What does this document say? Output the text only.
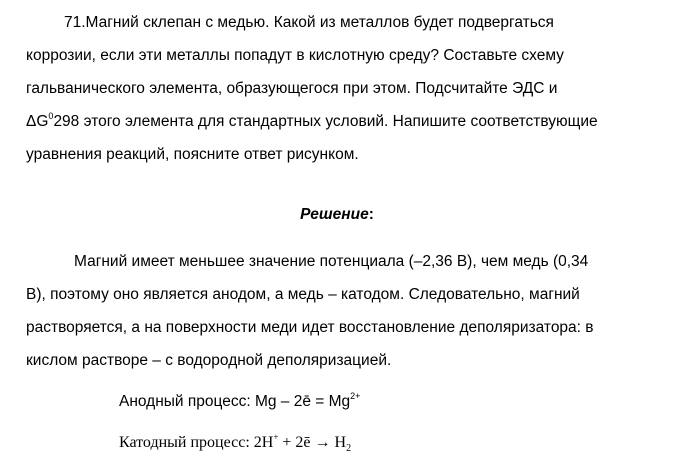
71.Магний склепан с медью. Какой из металлов будет подвергаться
коррозии, если эти металлы попадут в кислотную среду? Составьте схему
гальванического элемента, образующегося при этом. Подсчитайте ЭДС и
$\Delta G^0298$ этого элемента для стандартных условий. Напишите соответствующие
уравнения реакций, поясните ответ рисунком.

Решение:

Магний имеет меньшее значение потенциала (–2,36 В), чем медь (0,34
В), поэтому оно является анодом, а медь – катодом. Следовательно, магний
растворяется, а на поверхности меди идет восстановление деполяризатора: в
кислом растворе – с водородной деполяризацией.

Анодный процесс: Mg – 2ē = $Mg^{2+}$
Катодный процесс: 2H+ + 2ē → $H_2$
